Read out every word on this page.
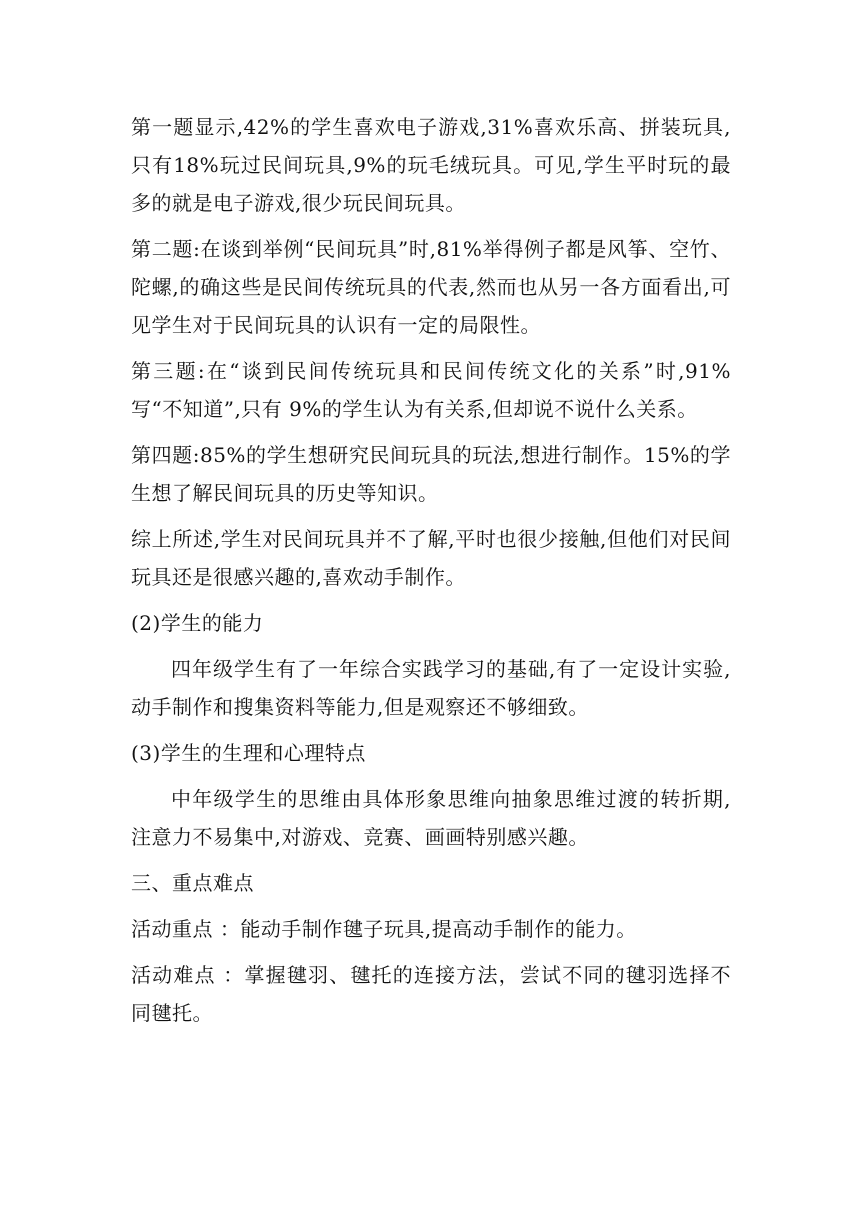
第一题显示,42%的学生喜欢电子游戏,31%喜欢乐高、拼装玩具,只有18%玩过民间玩具,9%的玩毛绒玩具。可见,学生平时玩的最多的就是电子游戏,很少玩民间玩具。

第二题:在谈到举例“民间玩具”时,81%举得例子都是风筝、空竹、陀螺,的确这些是民间传统玩具的代表,然而也从另一各方面看出,可见学生对于民间玩具的认识有一定的局限性。

第三题:在“谈到民间传统玩具和民间传统文化的关系”时,91%写“不知道”,只有 9%的学生认为有关系,但却说不说什么关系。

第四题:85%的学生想研究民间玩具的玩法,想进行制作。15%的学生想了解民间玩具的历史等知识。

综上所述,学生对民间玩具并不了解,平时也很少接触,但他们对民间玩具还是很感兴趣的,喜欢动手制作。

(2)学生的能力

四年级学生有了一年综合实践学习的基础,有了一定设计实验,动手制作和搜集资料等能力,但是观察还不够细致。

(3)学生的生理和心理特点

中年级学生的思维由具体形象思维向抽象思维过渡的转折期,注意力不易集中,对游戏、竞赛、画画特别感兴趣。

三、重点难点

活动重点 ：能动手制作毽子玩具,提高动手制作的能力。

活动难点 ：掌握毽羽、毽托的连接方法，尝试不同的毽羽选择不同毽托。
